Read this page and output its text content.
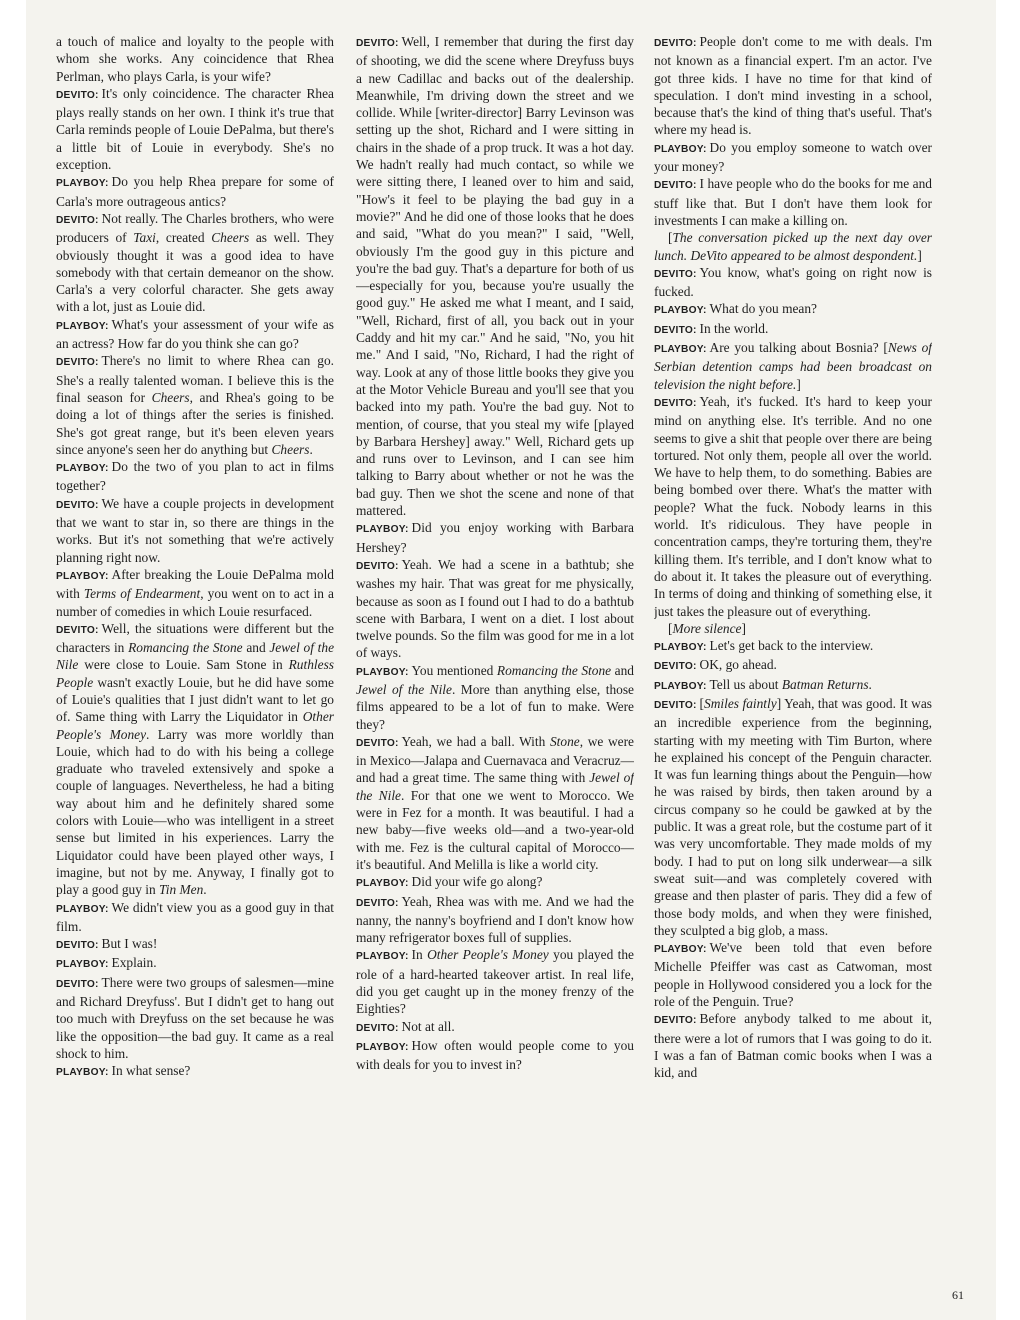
a touch of malice and loyalty to the people with whom she works. Any coincidence that Rhea Perlman, who plays Carla, is your wife?

DEVITO: It's only coincidence. The character Rhea plays really stands on her own. I think it's true that Carla reminds people of Louie DePalma, but there's a little bit of Louie in everybody. She's no exception.

PLAYBOY: Do you help Rhea prepare for some of Carla's more outrageous antics?

DEVITO: Not really. The Charles brothers, who were producers of Taxi, created Cheers as well. They obviously thought it was a good idea to have somebody with that certain demeanor on the show. Carla's a very colorful character. She gets away with a lot, just as Louie did.

PLAYBOY: What's your assessment of your wife as an actress? How far do you think she can go?

DEVITO: There's no limit to where Rhea can go. She's a really talented woman. I believe this is the final season for Cheers, and Rhea's going to be doing a lot of things after the series is finished. She's got great range, but it's been eleven years since anyone's seen her do anything but Cheers.

PLAYBOY: Do the two of you plan to act in films together?

DEVITO: We have a couple projects in development that we want to star in, so there are things in the works. But it's not something that we're actively planning right now.

PLAYBOY: After breaking the Louie DePalma mold with Terms of Endearment, you went on to act in a number of comedies in which Louie resurfaced.

DEVITO: Well, the situations were different but the characters in Romancing the Stone and Jewel of the Nile were close to Louie. Sam Stone in Ruthless People wasn't exactly Louie, but he did have some of Louie's qualities that I just didn't want to let go of. Same thing with Larry the Liquidator in Other People's Money. Larry was more worldly than Louie, which had to do with his being a college graduate who traveled extensively and spoke a couple of languages. Nevertheless, he had a biting way about him and he definitely shared some colors with Louie—who was intelligent in a street sense but limited in his experiences. Larry the Liquidator could have been played other ways, I imagine, but not by me. Anyway, I finally got to play a good guy in Tin Men.

PLAYBOY: We didn't view you as a good guy in that film.

DEVITO: But I was!

PLAYBOY: Explain.

DEVITO: There were two groups of salesmen—mine and Richard Dreyfuss'. But I didn't get to hang out too much with Dreyfuss on the set because he was like the opposition—the bad guy. It came as a real shock to him.

PLAYBOY: In what sense?

DEVITO: Well, I remember that during the first day of shooting, we did the scene where Dreyfuss buys a new Cadillac and backs out of the dealership. Meanwhile, I'm driving down the street and we collide. While [writer-director] Barry Levinson was setting up the shot, Richard and I were sitting in chairs in the shade of a prop truck. It was a hot day. We hadn't really had much contact, so while we were sitting there, I leaned over to him and said, "How's it feel to be playing the bad guy in a movie?" And he did one of those looks that he does and said, "What do you mean?" I said, "Well, obviously I'm the good guy in this picture and you're the bad guy. That's a departure for both of us—especially for you, because you're usually the good guy." He asked me what I meant, and I said, "Well, Richard, first of all, you back out in your Caddy and hit my car." And he said, "No, you hit me." And I said, "No, Richard, I had the right of way. Look at any of those little books they give you at the Motor Vehicle Bureau and you'll see that you backed into my path. You're the bad guy. Not to mention, of course, that you steal my wife [played by Barbara Hershey] away." Well, Richard gets up and runs over to Levinson, and I can see him talking to Barry about whether or not he was the bad guy. Then we shot the scene and none of that mattered.

PLAYBOY: Did you enjoy working with Barbara Hershey?

DEVITO: Yeah. We had a scene in a bathtub; she washes my hair. That was great for me physically, because as soon as I found out I had to do a bathtub scene with Barbara, I went on a diet. I lost about twelve pounds. So the film was good for me in a lot of ways.

PLAYBOY: You mentioned Romancing the Stone and Jewel of the Nile. More than anything else, those films appeared to be a lot of fun to make. Were they?

DEVITO: Yeah, we had a ball. With Stone, we were in Mexico—Jalapa and Cuernavaca and Veracruz—and had a great time. The same thing with Jewel of the Nile. For that one we went to Morocco. We were in Fez for a month. It was beautiful. I had a new baby—five weeks old—and a two-year-old with me. Fez is the cultural capital of Morocco—it's beautiful. And Melilla is like a world city.

PLAYBOY: Did your wife go along?

DEVITO: Yeah, Rhea was with me. And we had the nanny, the nanny's boyfriend and I don't know how many refrigerator boxes full of supplies.

PLAYBOY: In Other People's Money you played the role of a hard-hearted takeover artist. In real life, did you get caught up in the money frenzy of the Eighties?

DEVITO: Not at all.

PLAYBOY: How often would people come to you with deals for you to invest in?

DEVITO: People don't come to me with deals. I'm not known as a financial expert. I'm an actor. I've got three kids. I have no time for that kind of speculation. I don't mind investing in a school, because that's the kind of thing that's useful. That's where my head is.

PLAYBOY: Do you employ someone to watch over your money?

DEVITO: I have people who do the books for me and stuff like that. But I don't have them look for investments I can make a killing on.

[The conversation picked up the next day over lunch. DeVito appeared to be almost despondent.]

DEVITO: You know, what's going on right now is fucked.

PLAYBOY: What do you mean?

DEVITO: In the world.

PLAYBOY: Are you talking about Bosnia? [News of Serbian detention camps had been broadcast on television the night before.]

DEVITO: Yeah, it's fucked. It's hard to keep your mind on anything else. It's terrible. And no one seems to give a shit that people over there are being tortured. Not only them, people all over the world. We have to help them, to do something. Babies are being bombed over there. What's the matter with people? What the fuck. Nobody learns in this world. It's ridiculous. They have people in concentration camps, they're torturing them, they're killing them. It's terrible, and I don't know what to do about it. It takes the pleasure out of everything. In terms of doing and thinking of something else, it just takes the pleasure out of everything.

[More silence]

PLAYBOY: Let's get back to the interview.

DEVITO: OK, go ahead.

PLAYBOY: Tell us about Batman Returns.

DEVITO: [Smiles faintly] Yeah, that was good. It was an incredible experience from the beginning, starting with my meeting with Tim Burton, where he explained his concept of the Penguin character. It was fun learning things about the Penguin—how he was raised by birds, then taken around by a circus company so he could be gawked at by the public. It was a great role, but the costume part of it was very uncomfortable. They made molds of my body. I had to put on long silk underwear—a silk sweat suit—and was completely covered with grease and then plaster of paris. They did a few of those body molds, and when they were finished, they sculpted a big glob, a mass.

PLAYBOY: We've been told that even before Michelle Pfeiffer was cast as Catwoman, most people in Hollywood considered you a lock for the role of the Penguin. True?

DEVITO: Before anybody talked to me about it, there were a lot of rumors that I was going to do it. I was a fan of Batman comic books when I was a kid, and

61
